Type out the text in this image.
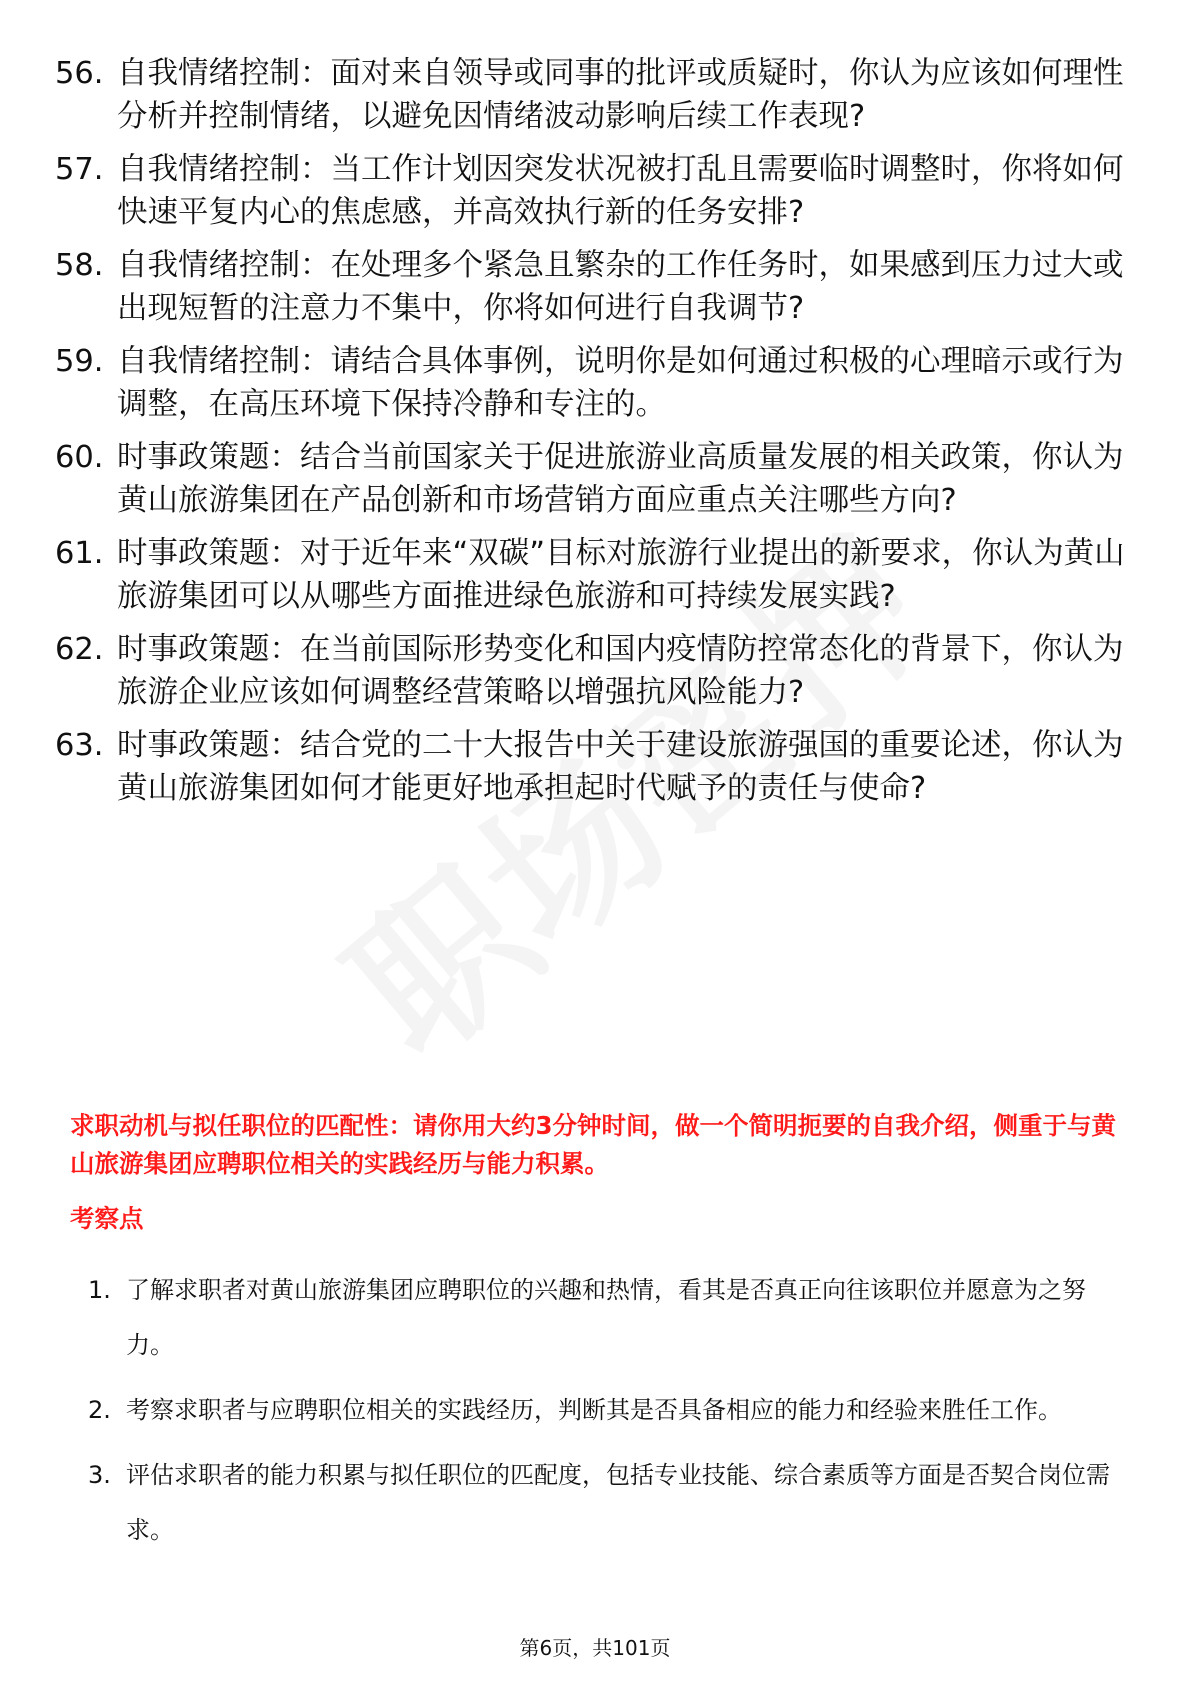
56. 自我情绪控制：面对来自领导或同事的批评或质疑时，你认为应该如何理性分析并控制情绪，以避免因情绪波动影响后续工作表现?
57. 自我情绪控制：当工作计划因突发状况被打乱且需要临时调整时，你将如何快速平复内心的焦虑感，并高效执行新的任务安排?
58. 自我情绪控制：在处理多个紧急且繁杂的工作任务时，如果感到压力过大或出现短暂的注意力不集中，你将如何进行自我调节?
59. 自我情绪控制：请结合具体事例，说明你是如何通过积极的心理暗示或行为调整，在高压环境下保持冷静和专注的。
60. 时事政策题：结合当前国家关于促进旅游业高质量发展的相关政策，你认为黄山旅游集团在产品创新和市场营销方面应重点关注哪些方向?
61. 时事政策题：对于近年来“双碳”目标对旅游行业提出的新要求，你认为黄山旅游集团可以从哪些方面推进绿色旅游和可持续发展实践?
62. 时事政策题：在当前国际形势变化和国内疫情防控常态化的背景下，你认为旅游企业应该如何调整经营策略以增强抗风险能力?
63. 时事政策题：结合党的二十大报告中关于建设旅游强国的重要论述，你认为黄山旅游集团如何才能更好地承担起时代赋予的责任与使命?
求职动机与拟任职位的匹配性：请你用大约3分钟时间，做一个简明扼要的自我介绍，侧重于与黄山旅游集团应聘职位相关的实践经历与能力积累。
考察点
1. 了解求职者对黄山旅游集团应聘职位的兴趣和热情，看其是否真正向往该职位并愿意为之努力。
2. 考察求职者与应聘职位相关的实践经历，判断其是否具备相应的能力和经验来胜任工作。
3. 评估求职者的能力积累与拟任职位的匹配度，包括专业技能、综合素质等方面是否契合岗位需求。
第6页，共101页
